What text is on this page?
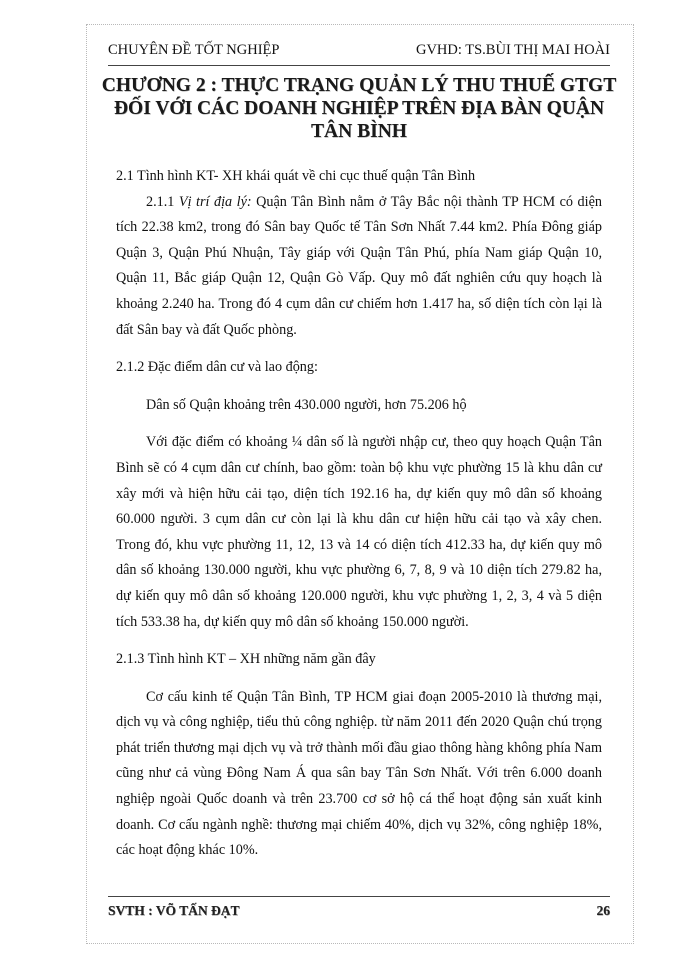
CHUYÊN ĐỀ TỐT NGHIỆP	GVHD: TS.BÙI THỊ MAI HOÀI
CHƯƠNG 2 : THỰC TRẠNG QUẢN LÝ THU THUẾ GTGT ĐỐI VỚI CÁC DOANH NGHIỆP TRÊN ĐỊA BÀN QUẬN TÂN BÌNH

2.1 Tình hình KT- XH khái quát về chi cục thuế quận Tân Bình

2.1.1 Vị trí địa lý: Quận Tân Bình nằm ở Tây Bắc nội thành TP HCM có diện tích 22.38 km2, trong đó Sân bay Quốc tế Tân Sơn Nhất 7.44 km2. Phía Đông giáp Quận 3, Quận Phú Nhuận, Tây giáp với Quận Tân Phú, phía Nam giáp Quận 10, Quận 11, Bắc giáp Quận 12, Quận Gò Vấp. Quy mô đất nghiên cứu quy hoạch là khoảng 2.240 ha. Trong đó 4 cụm dân cư chiếm hơn 1.417 ha, số diện tích còn lại là đất Sân bay và đất Quốc phòng.

2.1.2 Đặc điểm dân cư và lao động:

Dân số Quận khoảng trên 430.000 người, hơn 75.206 hộ

Với đặc điểm có khoảng ¼ dân số là người nhập cư, theo quy hoạch Quận Tân Bình sẽ có 4 cụm dân cư chính, bao gồm: toàn bộ khu vực phường 15 là khu dân cư xây mới và hiện hữu cải tạo, diện tích 192.16 ha, dự kiến quy mô dân số khoảng 60.000 người. 3 cụm dân cư còn lại là khu dân cư hiện hữu cải tạo và xây chen. Trong đó, khu vực phường 11, 12, 13 và 14 có diện tích 412.33 ha, dự kiến quy mô dân số khoảng 130.000 người, khu vực phường 6, 7, 8, 9 và 10 diện tích 279.82 ha, dự kiến quy mô dân số khoảng 120.000 người, khu vực phường 1, 2, 3, 4 và 5 diện tích 533.38 ha, dự kiến quy mô dân số khoảng 150.000 người.

2.1.3 Tình hình KT – XH những năm gần đây

Cơ cấu kinh tế Quận Tân Bình, TP HCM giai đoạn 2005-2010 là thương mại, dịch vụ và công nghiệp, tiểu thủ công nghiệp. từ năm 2011 đến 2020 Quận chú trọng phát triển thương mại dịch vụ và trở thành mối đầu giao thông hàng không phía Nam cũng như cả vùng Đông Nam Á qua sân bay Tân Sơn Nhất. Với trên 6.000 doanh nghiệp ngoài Quốc doanh và trên 23.700 cơ sở hộ cá thể hoạt động sản xuất kinh doanh. Cơ cấu ngành nghề: thương mại chiếm 40%, dịch vụ 32%, công nghiệp 18%, các hoạt động khác 10%.

SVTH : VÕ TẤN ĐẠT	26
